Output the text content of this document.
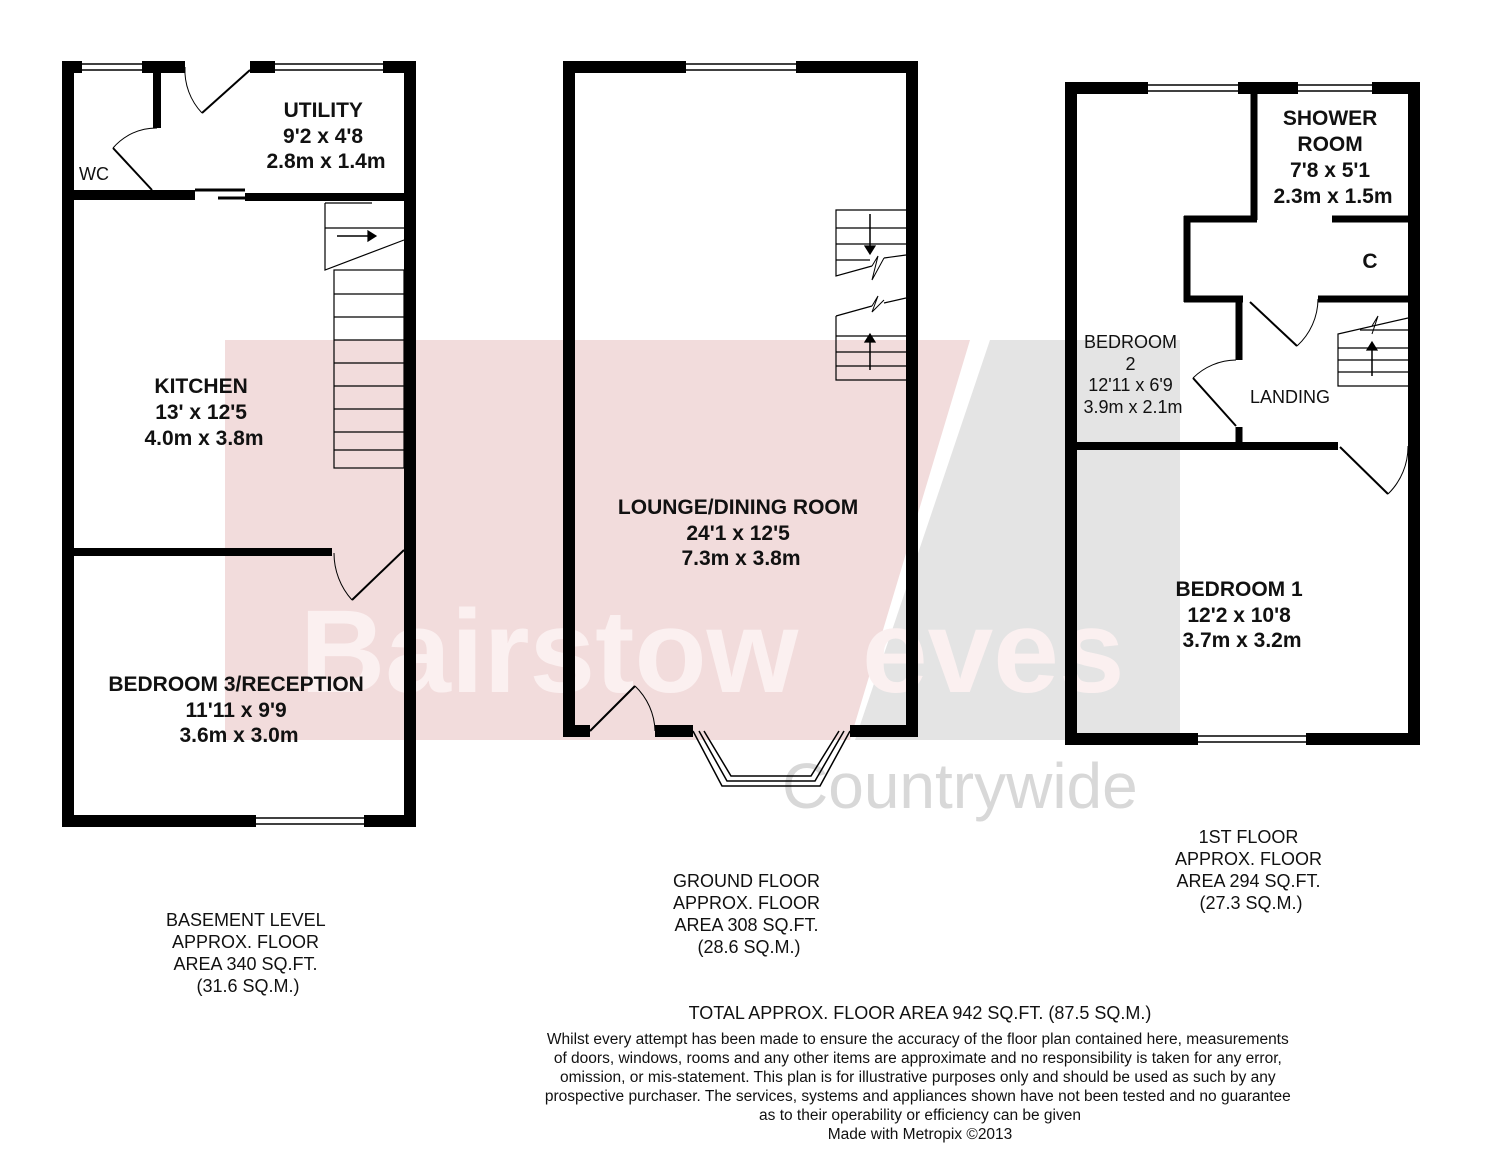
Bairstow eves
Countrywide
UTILITY 9'2 x 4'8 2.8m x 1.4m
WC
KITCHEN 13' x 12'5 4.0m x 3.8m
BEDROOM 3/RECEPTION 11'11 x 9'9 3.6m x 3.0m
LOUNGE/DINING ROOM 24'1 x 12'5 7.3m x 3.8m
SHOWER ROOM 7'8 x 5'1 2.3m x 1.5m
C
BEDROOM 2 12'11 x 6'9 3.9m x 2.1m	LANDING
BEDROOM 1 12'2 x 10'8 3.7m x 3.2m
BASEMENT LEVEL APPROX. FLOOR AREA 340 SQ.FT. (31.6 SQ.M.)
GROUND FLOOR APPROX. FLOOR AREA 308 SQ.FT. (28.6 SQ.M.)
1ST FLOOR APPROX. FLOOR AREA 294 SQ.FT. (27.3 SQ.M.)
TOTAL APPROX. FLOOR AREA 942 SQ.FT. (87.5 SQ.M.)
Whilst every attempt has been made to ensure the accuracy of the floor plan contained here, measurements of doors, windows, rooms and any other items are approximate and no responsibility is taken for any error, omission, or mis-statement. This plan is for illustrative purposes only and should be used as such by any prospective purchaser. The services, systems and appliances shown have not been tested and no guarantee as to their operability or efficiency can be given
Made with Metropix ©2013
